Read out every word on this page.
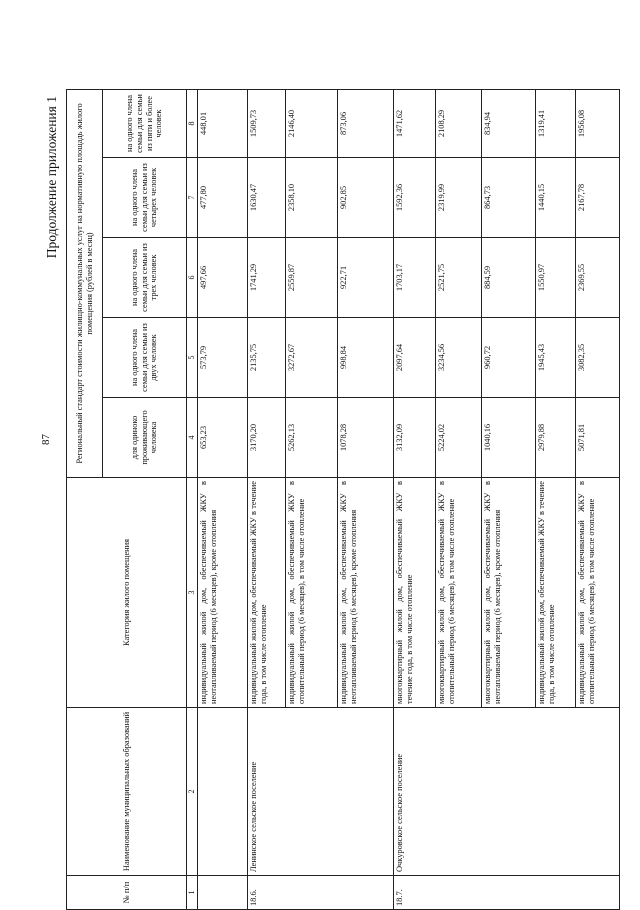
87
Продолжение приложения 1
№ п/п	Наименование муниципальных образований	Категория жилого помещения	Региональный стандарт стоимости жилищно-коммунальных услуг на нормативную площадь жилого помещения (рублей в месяц)				
			для одиноко проживающего человека	на одного члена семьи для семьи из двух человек	на одного члена семьи для семьи из трех человек	на одного члена семьи для семьи из четырех человек	на одного члена семьи для семьи из пяти и более человек
1	2	3	4	5	6	7	8
		индивидуальный жилой дом, обеспечиваемый ЖКУ в неотапливаемый период (6 месяцев), кроме отопления	653,23	573,79	497,66	477,80	448,01
18.6.	Ленинское сельское поселение	индивидуальный жилой дом, обеспечиваемый ЖКУ в течение года, в том числе отопление	3170,20	2135,75	1741,29	1630,47	1509,73
		индивидуальный жилой дом, обеспечиваемый ЖКУ в отопительный период (6 месяцев), в том числе отопление	5262,13	3272,67	2559,87	2358,10	2146,40
		индивидуальный жилой дом, обеспечиваемый ЖКУ в неотапливаемый период (6 месяцев), кроме отопления	1078,28	998,84	922,71	902,85	873,06
18.7.	Очкуровское сельское поселение	многоквартирный жилой дом, обеспечиваемый ЖКУ в течение года, в том числе отопление	3132,09	2097,64	1703,17	1592,36	1471,62
		многоквартирный жилой дом, обеспечиваемый ЖКУ в отопительный период (6 месяцев), в том числе отопление	5224,02	3234,56	2521,75	2319,99	2108,29
		многоквартирный жилой дом, обеспечиваемый ЖКУ в неотапливаемый период (6 месяцев), кроме отопления	1040,16	960,72	884,59	864,73	834,94
		индивидуальный жилой дом, обеспечиваемый ЖКУ в течение года, в том числе отопление	2979,88	1945,43	1550,97	1440,15	1319,41
		индивидуальный жилой дом, обеспечиваемый ЖКУ в отопительный период (6 месяцев), в том числе отопление	5071,81	3082,35	2369,55	2167,78	1956,08
